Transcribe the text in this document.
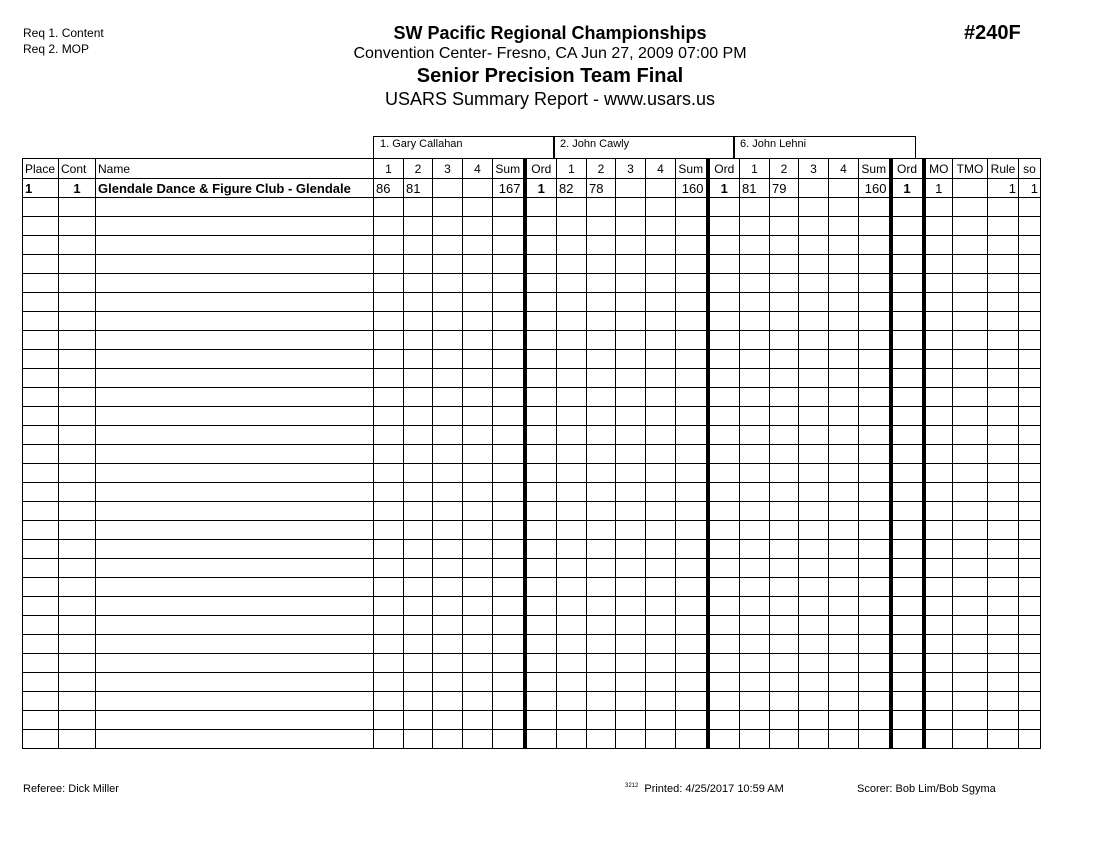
Req 1. Content
Req 2. MOP
SW Pacific Regional Championships
Convention Center- Fresno, CA Jun 27, 2009 07:00 PM
Senior Precision Team Final
USARS Summary Report - www.usars.us
#240F
1. Gary Callahan	2. John Cawly	6. John Lehni
Place	Cont	Name	1	2	3	4	Sum	Ord	1	2	3	4	Sum	Ord	1	2	3	4	Sum	Ord	MO	TMO	Rule	so
1	1	Glendale Dance & Figure Club - Glendale	86	81			167	1	82	78			160	1	81	79			160	1	1		1	1

Referee: Dick Miller	$^{3212}$ Printed: 4/25/2017 10:59 AM	Scorer: Bob Lim/Bob Sgyma
